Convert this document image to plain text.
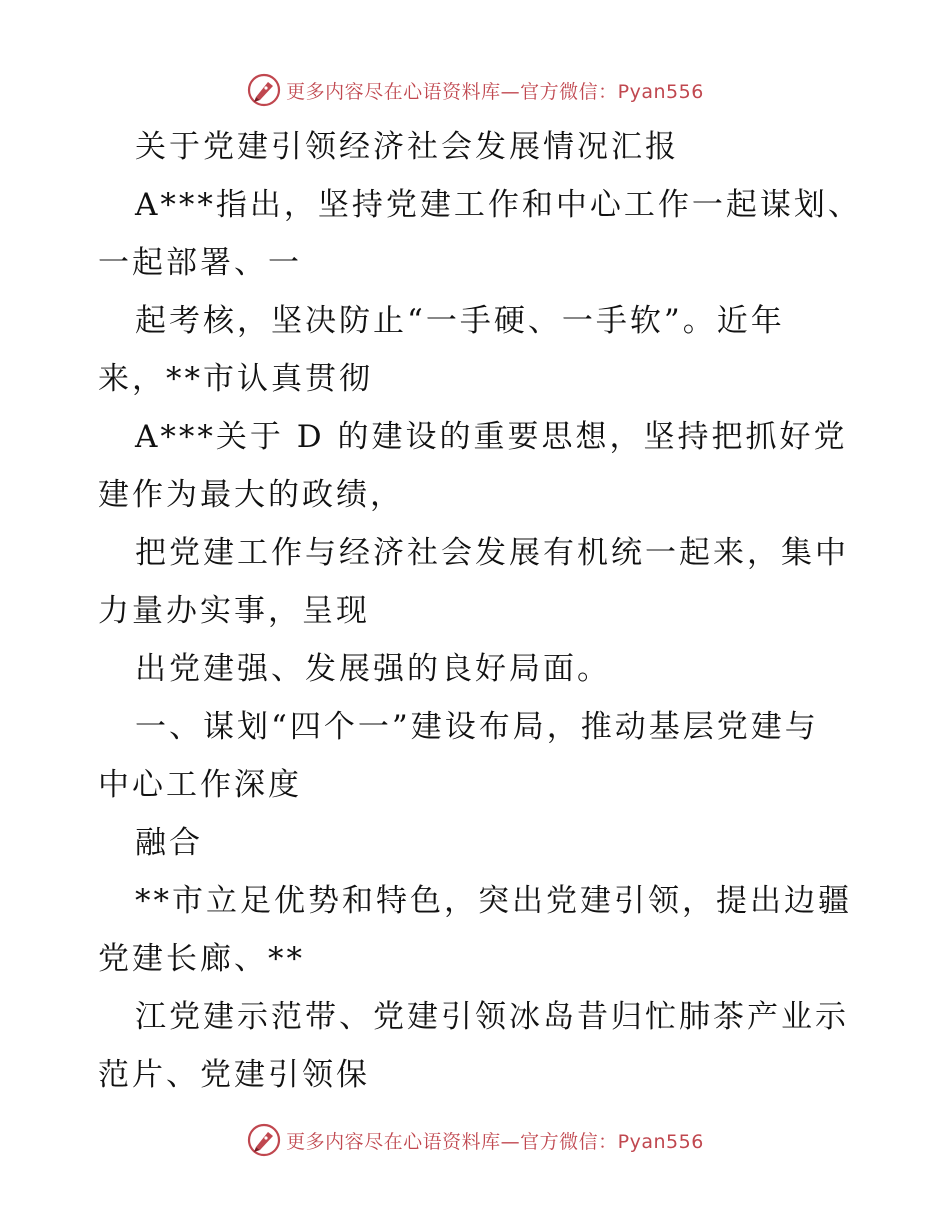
更多内容尽在心语资料库—官方微信：Pyan556
关于党建引领经济社会发展情况汇报
A***指出，坚持党建工作和中心工作一起谋划、
一起部署、一
起考核，坚决防止“一手硬、一手软”。近年
来，**市认真贯彻
A***关于 D 的建设的重要思想，坚持把抓好党
建作为最大的政绩，
把党建工作与经济社会发展有机统一起来，集中
力量办实事，呈现
出党建强、发展强的良好局面。
一、谋划“四个一”建设布局，推动基层党建与
中心工作深度
融合
**市立足优势和特色，突出党建引领，提出边疆
党建长廊、**
江党建示范带、党建引领冰岛昔归忙肺茶产业示
范片、党建引领保
更多内容尽在心语资料库—官方微信：Pyan556
